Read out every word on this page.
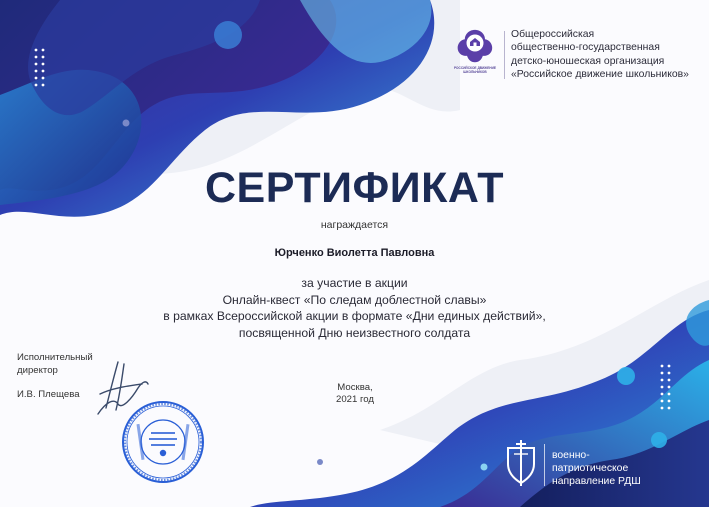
РОССИЙСКОЕ ДВИЖЕНИЕ ШКОЛЬНИКОВ
Общероссийская
общественно-государственная
детско-юношеская организация
«Российское движение школьников»
СЕРТИФИКАТ
награждается
Юрченко Виолетта Павловна
за участие в акции
Онлайн-квест «По следам доблестной славы»
в рамках Всероссийской акции в формате «Дни единых действий»,
посвященной Дню неизвестного солдата
Исполнительный
директор
И.В. Плещева
Москва,
2021 год
военно-
патриотическое
направление РДШ
